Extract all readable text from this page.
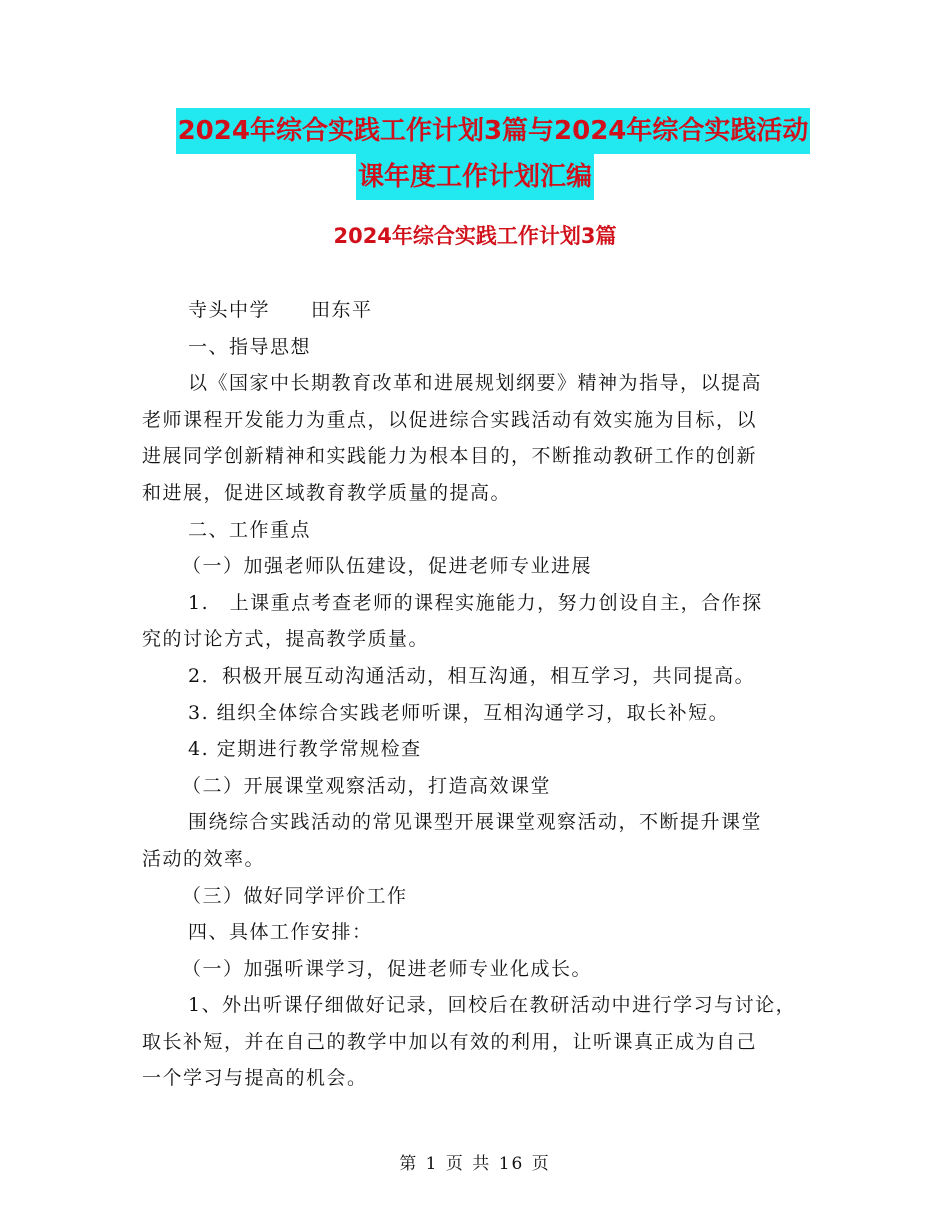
2024年综合实践工作计划3篇与2024年综合实践活动
课年度工作计划汇编
2024年综合实践工作计划3篇

寺头中学　　田东平

一、指导思想

以《国家中长期教育改革和进展规划纲要》精神为指导，以提高

老师课程开发能力为重点，以促进综合实践活动有效实施为目标，以

进展同学创新精神和实践能力为根本目的，不断推动教研工作的创新

和进展，促进区域教育教学质量的提高。

二、工作重点

（一）加强老师队伍建设，促进老师专业进展

1.　上课重点考查老师的课程实施能力，努力创设自主，合作探

究的讨论方式，提高教学质量。

2．积极开展互动沟通活动，相互沟通，相互学习，共同提高。

3. 组织全体综合实践老师听课，互相沟通学习，取长补短。

4. 定期进行教学常规检查

（二）开展课堂观察活动，打造高效课堂

围绕综合实践活动的常见课型开展课堂观察活动，不断提升课堂

活动的效率。

（三）做好同学评价工作

四、具体工作安排：

（一）加强听课学习，促进老师专业化成长。

1、外出听课仔细做好记录，回校后在教研活动中进行学习与讨论，

取长补短，并在自己的教学中加以有效的利用，让听课真正成为自己

一个学习与提高的机会。

第 1 页 共 16 页
